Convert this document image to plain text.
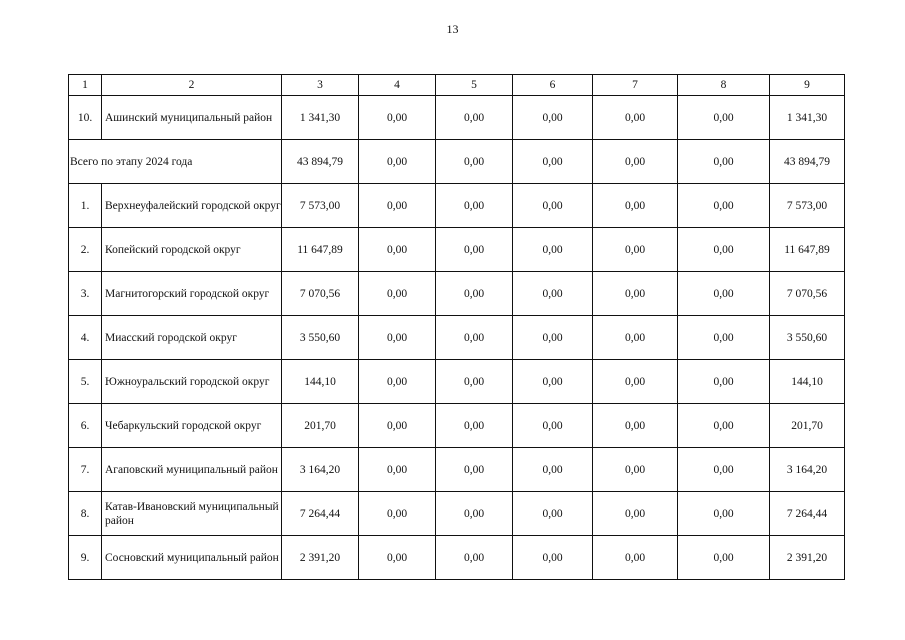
13
1	2	3	4	5	6	7	8	9
10.	Ашинский муниципальный район	1 341,30	0,00	0,00	0,00	0,00	0,00	1 341,30
Всего по этапу 2024 года		43 894,79	0,00	0,00	0,00	0,00	0,00	43 894,79
1.	Верхнеуфалейский городской округ	7 573,00	0,00	0,00	0,00	0,00	0,00	7 573,00
2.	Копейский городской округ	11 647,89	0,00	0,00	0,00	0,00	0,00	11 647,89
3.	Магнитогорский городской округ	7 070,56	0,00	0,00	0,00	0,00	0,00	7 070,56
4.	Миасский городской округ	3 550,60	0,00	0,00	0,00	0,00	0,00	3 550,60
5.	Южноуральский городской округ	144,10	0,00	0,00	0,00	0,00	0,00	144,10
6.	Чебаркульский городской округ	201,70	0,00	0,00	0,00	0,00	0,00	201,70
7.	Агаповский муниципальный район	3 164,20	0,00	0,00	0,00	0,00	0,00	3 164,20
8.	Катав-Ивановский муниципальный район	7 264,44	0,00	0,00	0,00	0,00	0,00	7 264,44
9.	Сосновский муниципальный район	2 391,20	0,00	0,00	0,00	0,00	0,00	2 391,20
